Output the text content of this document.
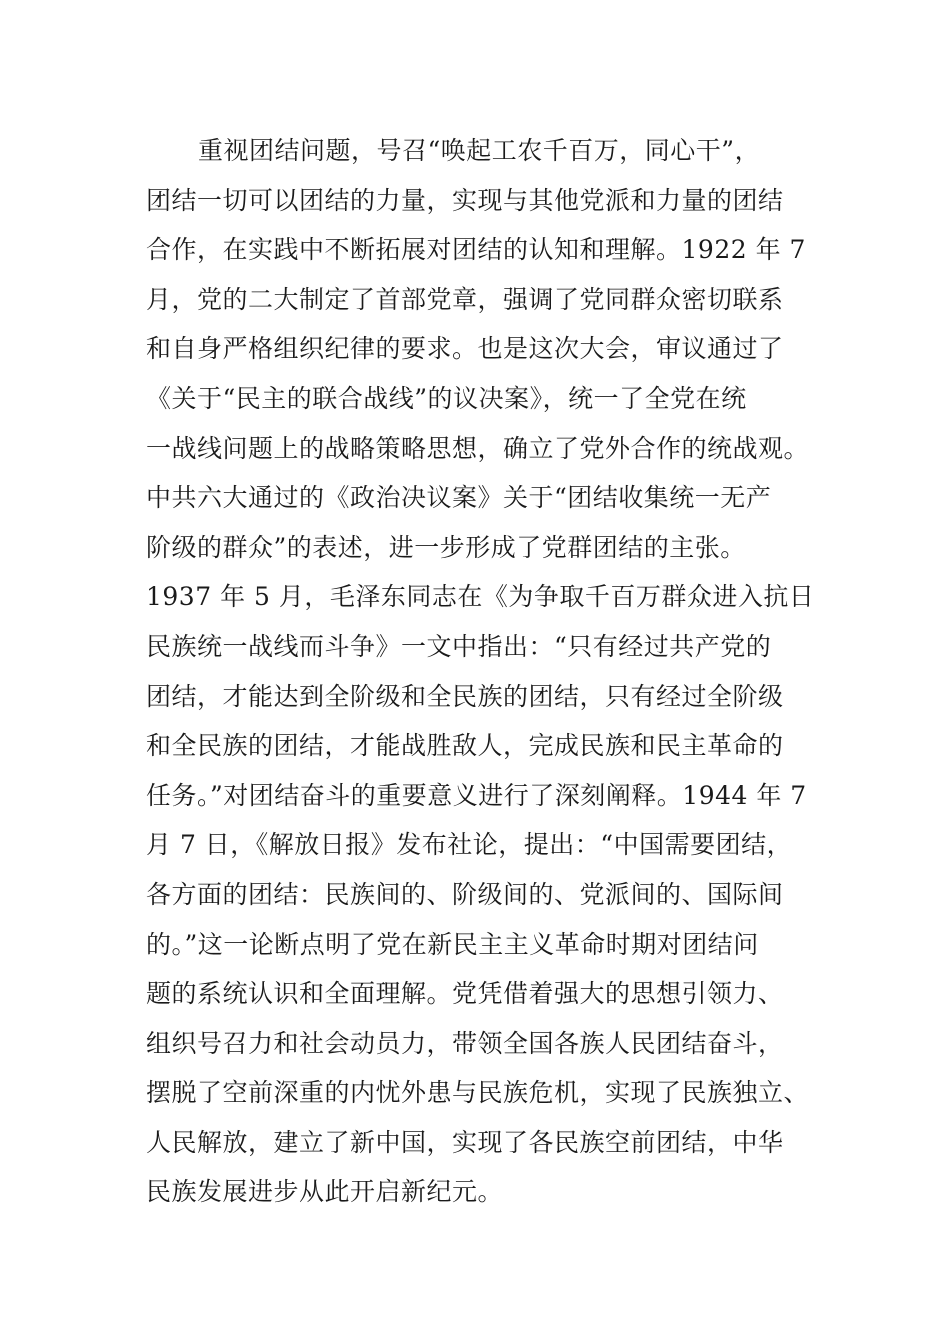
重视团结问题，号召“唤起工农千百万，同心干”，
团结一切可以团结的力量，实现与其他党派和力量的团结
合作，在实践中不断拓展对团结的认知和理解。1922 年 7
月，党的二大制定了首部党章，强调了党同群众密切联系
和自身严格组织纪律的要求。也是这次大会，审议通过了
《关于“民主的联合战线”的议决案》，统一了全党在统
一战线问题上的战略策略思想，确立了党外合作的统战观。
中共六大通过的《政治决议案》关于“团结收集统一无产
阶级的群众”的表述，进一步形成了党群团结的主张。
1937 年 5 月，毛泽东同志在《为争取千百万群众进入抗日
民族统一战线而斗争》一文中指出：“只有经过共产党的
团结，才能达到全阶级和全民族的团结，只有经过全阶级
和全民族的团结，才能战胜敌人，完成民族和民主革命的
任务。”对团结奋斗的重要意义进行了深刻阐释。1944 年 7
月 7 日，《解放日报》发布社论，提出：“中国需要团结，
各方面的团结：民族间的、阶级间的、党派间的、国际间
的。”这一论断点明了党在新民主主义革命时期对团结问
题的系统认识和全面理解。党凭借着强大的思想引领力、
组织号召力和社会动员力，带领全国各族人民团结奋斗，
摆脱了空前深重的内忧外患与民族危机，实现了民族独立、
人民解放，建立了新中国，实现了各民族空前团结，中华
民族发展进步从此开启新纪元。
